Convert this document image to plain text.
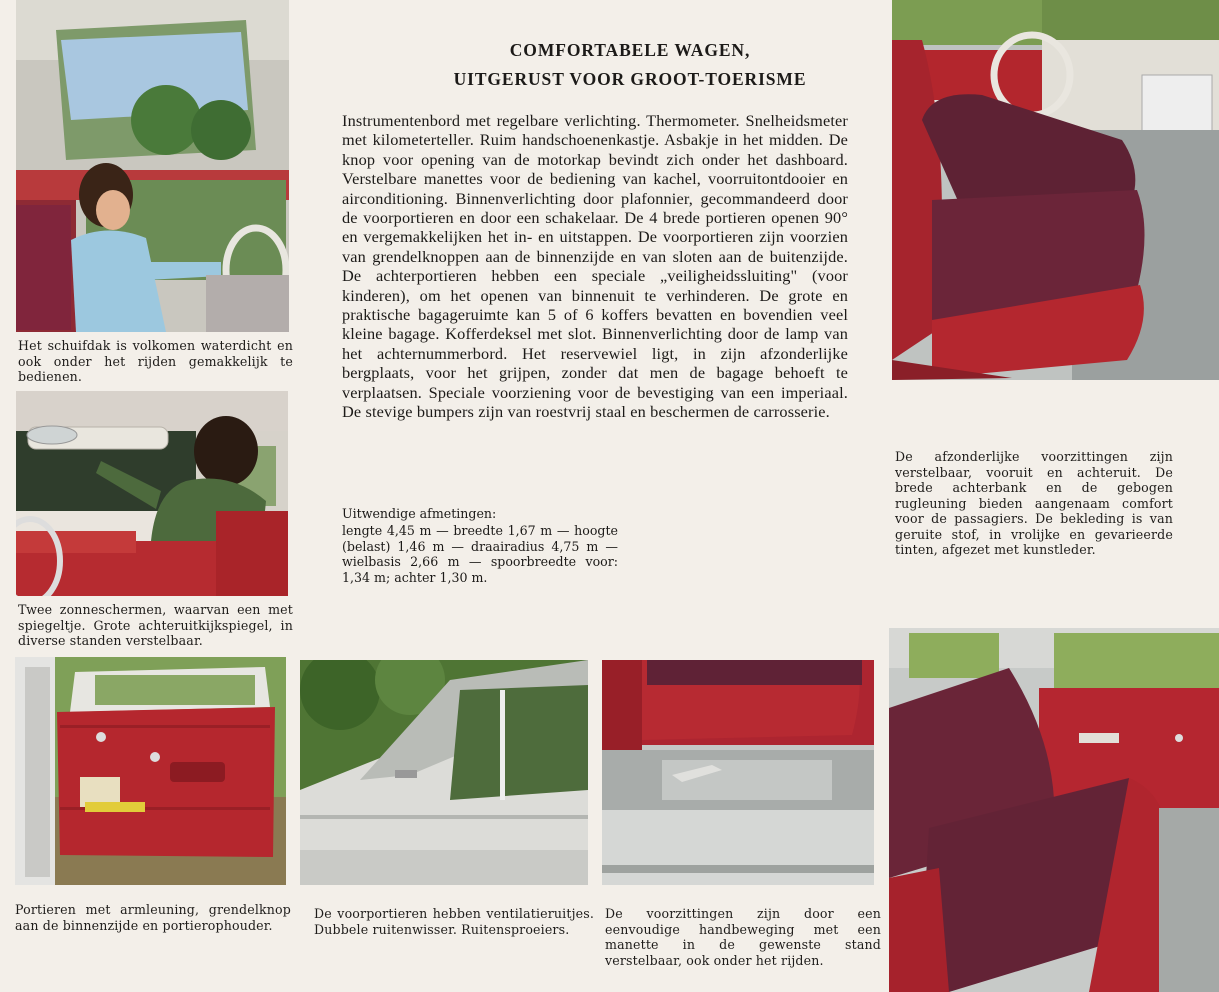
Het schuifdak is volkomen waterdicht en ook onder het rijden gemakkelijk te bedienen.

Twee zonneschermen, waarvan een met spiegeltje. Grote achteruitkijkspiegel, in diverse standen verstelbaar.

De afzonderlijke voorzittingen zijn verstelbaar, vooruit en achteruit. De brede achterbank en de gebogen rugleuning bieden aangenaam comfort voor de passagiers. De bekleding is van geruite stof, in vrolijke en gevarieerde tinten, afgezet met kunstleder.

Portieren met armleuning, grendelknop aan de binnenzijde en portierophouder.

De voorportieren hebben ventilatieruitjes. Dubbele ruitenwisser. Ruitensproeiers.

De voorzittingen zijn door een eenvoudige handbeweging met een manette in de gewenste stand verstelbaar, ook onder het rijden.

COMFORTABELE WAGEN,
UITGERUST VOOR GROOT-TOERISME

Instrumentenbord met regelbare verlichting. Thermometer. Snelheidsmeter met kilometerteller. Ruim handschoenenkastje. Asbakje in het midden. De knop voor opening van de motorkap bevindt zich onder het dashboard. Verstelbare manettes voor de bediening van kachel, voorruitontdooier en airconditioning. Binnenverlichting door plafonnier, gecommandeerd door de voorportieren en door een schakelaar. De 4 brede portieren openen 90° en vergemakkelijken het in- en uitstappen. De voorportieren zijn voorzien van grendelknoppen aan de binnenzijde en van sloten aan de buitenzijde. De achterportieren hebben een speciale „veiligheidssluiting" (voor kinderen), om het openen van binnenuit te verhinderen. De grote en praktische bagageruimte kan 5 of 6 koffers bevatten en bovendien veel kleine bagage. Kofferdeksel met slot. Binnenverlichting door de lamp van het achternummerbord. Het reservewiel ligt, in zijn afzonderlijke bergplaats, voor het grijpen, zonder dat men de bagage behoeft te verplaatsen. Speciale voorziening voor de bevestiging van een imperiaal. De stevige bumpers zijn van roestvrij staal en beschermen de carrosserie.

Uitwendige afmetingen:

lengte 4,45 m — breedte 1,67 m — hoogte (belast) 1,46 m — draairadius 4,75 m — wielbasis 2,66 m — spoorbreedte voor: 1,34 m; achter 1,30 m.
